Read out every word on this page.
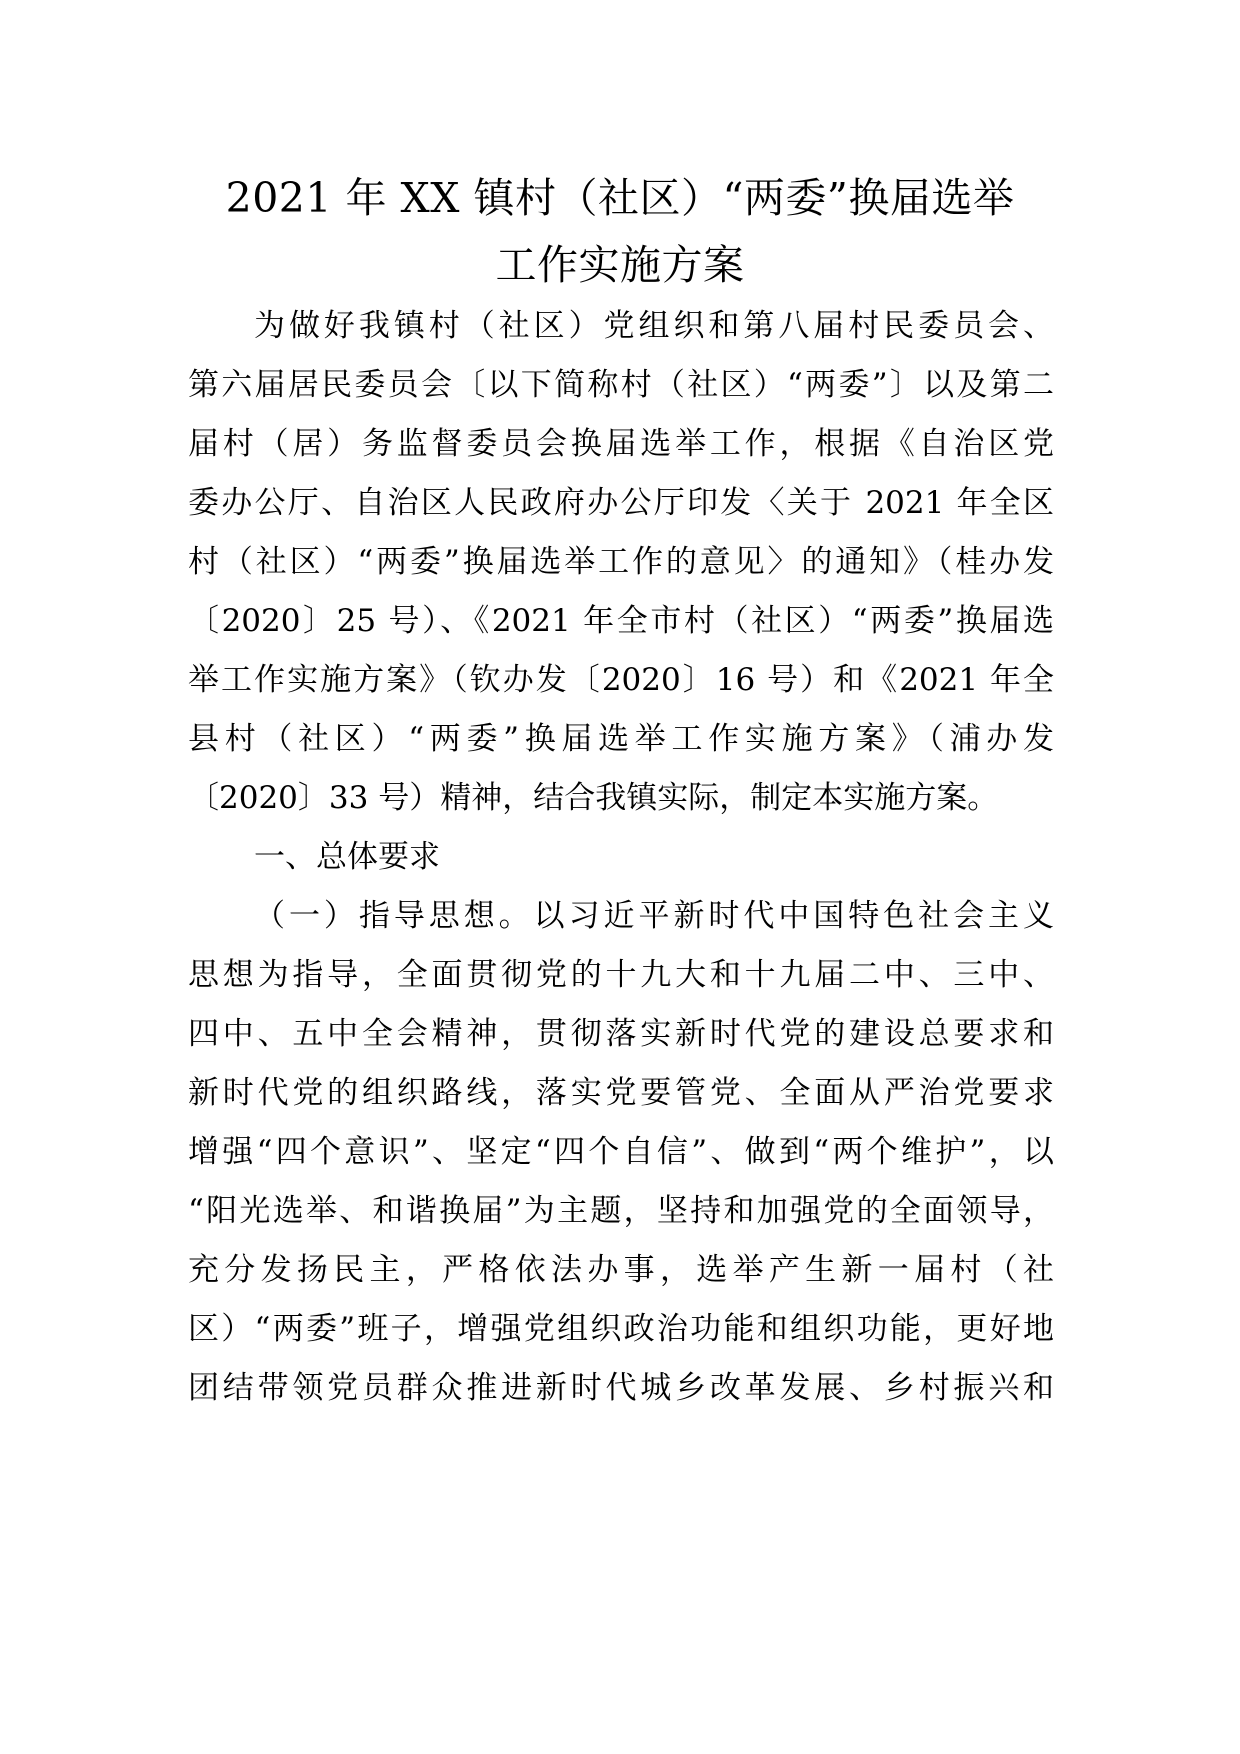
2021 年 XX 镇村（社区）“两委”换届选举
工作实施方案
为做好我镇村（社区）党组织和第八届村民委员会、
第六届居民委员会〔以下简称村（社区）“两委”〕以及第二
届村（居）务监督委员会换届选举工作，根据《自治区党
委办公厅、自治区人民政府办公厅印发〈关于 2021 年全区
村（社区）“两委”换届选举工作的意见〉的通知》（桂办发
〔2020〕25 号）、《2021 年全市村（社区）“两委”换届选
举工作实施方案》（钦办发〔2020〕16 号）和《2021 年全
县村（社区）“两委”换届选举工作实施方案》（浦办发
〔2020〕33 号）精神，结合我镇实际，制定本实施方案。
一、总体要求
（一）指导思想。以习近平新时代中国特色社会主义
思想为指导，全面贯彻党的十九大和十九届二中、三中、
四中、五中全会精神，贯彻落实新时代党的建设总要求和
新时代党的组织路线，落实党要管党、全面从严治党要求
增强“四个意识”、坚定“四个自信”、做到“两个维护”，以
“阳光选举、和谐换届”为主题，坚持和加强党的全面领导，
充分发扬民主，严格依法办事，选举产生新一届村（社
区）“两委”班子，增强党组织政治功能和组织功能，更好地
团结带领党员群众推进新时代城乡改革发展、乡村振兴和
